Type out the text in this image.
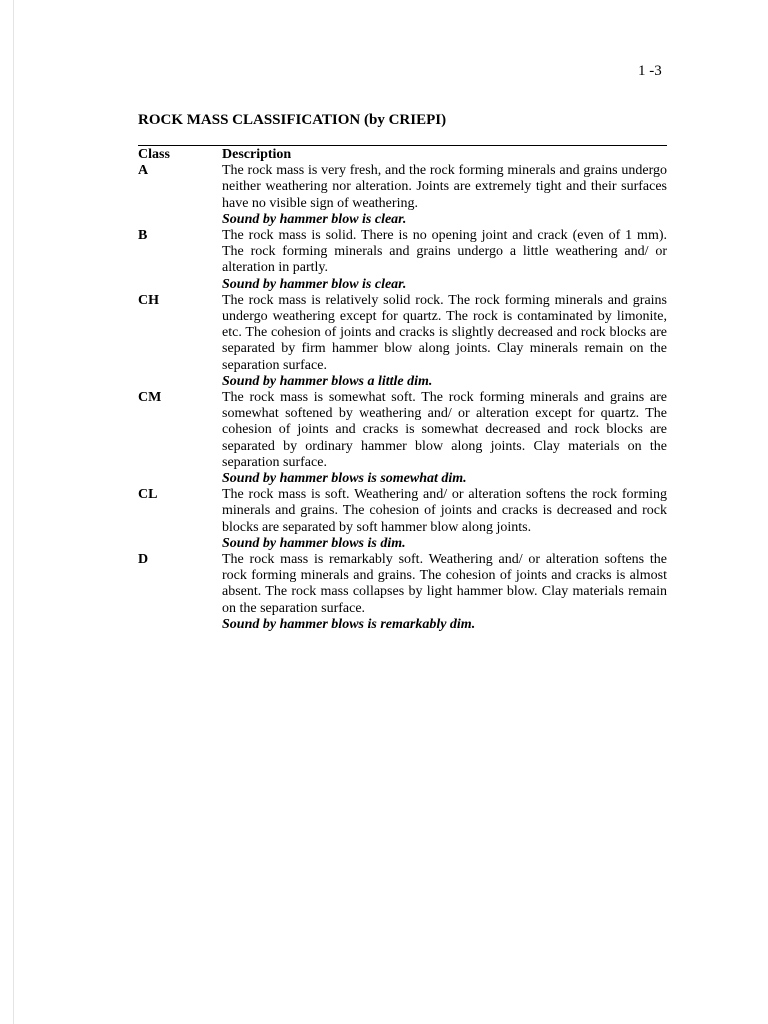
1 -3
ROCK MASS CLASSIFICATION (by CRIEPI)
Class	Description
A	The rock mass is very fresh, and the rock forming minerals and grains undergo neither weathering nor alteration. Joints are extremely tight and their surfaces have no visible sign of weathering.
Sound by hammer blow is clear.
B	The rock mass is solid. There is no opening joint and crack (even of 1 mm). The rock forming minerals and grains undergo a little weathering and/ or alteration in partly.
Sound by hammer blow is clear.
CH	The rock mass is relatively solid rock. The rock forming minerals and grains undergo weathering except for quartz. The rock is contaminated by limonite, etc. The cohesion of joints and cracks is slightly decreased and rock blocks are separated by firm hammer blow along joints. Clay minerals remain on the separation surface.
Sound by hammer blows a little dim.
CM	The rock mass is somewhat soft. The rock forming minerals and grains are somewhat softened by weathering and/ or alteration except for quartz. The cohesion of joints and cracks is somewhat decreased and rock blocks are separated by ordinary hammer blow along joints. Clay materials on the separation surface.
Sound by hammer blows is somewhat dim.
CL	The rock mass is soft. Weathering and/ or alteration softens the rock forming minerals and grains. The cohesion of joints and cracks is decreased and rock blocks are separated by soft hammer blow along joints.
Sound by hammer blows is dim.
D	The rock mass is remarkably soft. Weathering and/ or alteration softens the rock forming minerals and grains. The cohesion of joints and cracks is almost absent. The rock mass collapses by light hammer blow. Clay materials remain on the separation surface.
Sound by hammer blows is remarkably dim.
